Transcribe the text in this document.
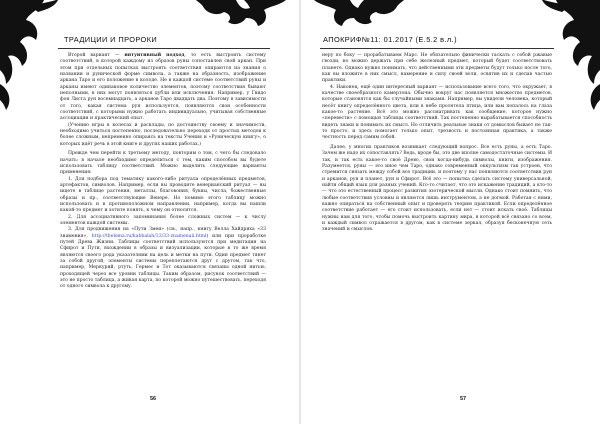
ТРАДИЦИИ И ПРОРОКИ

Второй вариант — интуитивный подход, то есть выстроить систему соответствий, в которой каждому из образов руны сопоставлен свой аркан. При этом при отдельных попытках выстроить соответствия опираются на знания о названии и рунической форме символа, а также на образность, изображение аркана Таро и его положение в колоде. Не в каждой системе соответствий руны и арканы имеют одинаковое количество элементов, поэтому соответствия бывают неполными, в них могут появляться дубли или исключения. Например, у Гвидо фон Листа рун восемнадцать, а арканов Таро двадцать два. Поэтому в зависимости от того, какая система рун используется, появляются свои особенности соответствий, с которыми нужно работать индивидуально, учитывая собственные ассоциации и практический опыт.

(Учению игры в колесах и расклады, по достоинству своему и значимости, необходимо учиться постепенно, последовательно переходя от простых методов к более сложным, непременно опираясь на тексты Учения и «Руническую книгу», о которых идёт речь в этой книге и других наших работах.)

Прежде чем перейти к третьему методу, повторим о том, с чего бы следовало начать: в начале необходимо определиться с тем, каким способом вы будете использовать таблицу соответствий. Можно выделить следующие варианты применения:

1. Для подбора под тематику какого-либо ритуала определённых предметов, артефактов, символов. Например, если вы проводите венерианский ритуал — вы ищете в таблице растения, металлы, благовония, буквы, числа, божественные образы и пр., соответствующие Венере. Но помимо этого таблицу можно использовать и в противоположном направлении, например, когда вы нашли какой-то предмет и хотите понять, к чему он относится.

2. Для ассоциативного запоминания более сложных систем — к числу элементов каждой системы.

3. Для продвижения на «Пути Змеи» (см., напр., книгу Велла Хайдриха «33 знамения», http://thelema.ru/kabbalah/33/33-znamenaii.html) или при проработке путей Древа Жизни. Таблицы соответствий используются при медитации на Сфирот и Пути, вхождении в образы и визуализации, которые в то же время являются своего рода указателями на цель и метки на пути. Один предмет тянет за собой другой, элементы системы переплетаются друг с другом, так что, например, Меркурий, ртуть, Гермес и Тот оказываются связаны одной нитью, проходящей через все уровни таблицы. Таким образом, рисунок соответствий — это не просто таблица, а живая карта, по которой можно путешествовать, переходя от одного символа к другому.

56
АПОКРИФ№11: 01.2017 (Е.5.2 в.л.)

неру по боку — прорабатываем Марс. Не обязательно финически таскать с собой ржавые гвозди, но можно держать при себе железный предмет, который будет соответствовать планете. Однако нужно понимать, что действенными эти предметы будут только после того, как вы вложите в них смысл, намерение и силу своей воли, освятив их и сделав частью практики.

4. Наконец, ещё один интересный вариант — использование всего того, что окружает, в качестве своеобразного камертона. Обычно вокруг нас появляется множество предметов, которые становятся как бы случайными знаками. Например, вы увидели человека, который несёт книгу определённого цвета, или в небе пролетела птица, или вам попалось на глаза какое-то растение. Всё это можно рассматривать как сообщение, которое нужно «перевести» с помощью таблицы соответствий. Так постепенно вырабатывается способность видеть знаки и понимать их смысл. Но отличить реальные знаки от домыслов бывает не так-то просто, и здесь помогает только опыт, трезвость и постоянная практика, а также честность перед самим собой.

Далее, у многих практиков возникает следующий вопрос. Все есть руны, а есть Таро. Зачем же надо их сопоставлять? Ведь, вроде бы, это две вполне самодостаточные системы. И так, и так есть какое-то своё Древо, свои когда-нибудь символы, книги, изображения. Разумеется, руны — это иное чем Таро, однако современный оккультизм так устроен, что стремится связать между собой все традиции, и поэтому у нас появляются соответствия рун и арканов, рун и планет, рун и Сфирот. Всё это — попытка сделать систему универсальной, найти общий язык для разных учений. Кто-то считает, что это искажение традиций, а кто-то — что это естественный процесс развития эзотерической мысли. Однако стоит помнить, что любые соответствия условны и являются лишь инструментом, а не догмой. Работая с ними, важно опираться на собственный опыт и проверять теорию практикой. Если определённое соответствие работает — его стоит использовать, если нет — стоит искать своё. Таблицы нужны нам для того, чтобы помочь выстроить картину мира, в которой всё связано со всем, и каждый символ отражается в другом, как в системе зеркал, образуя бесконечную сеть значений и смыслов.

57
